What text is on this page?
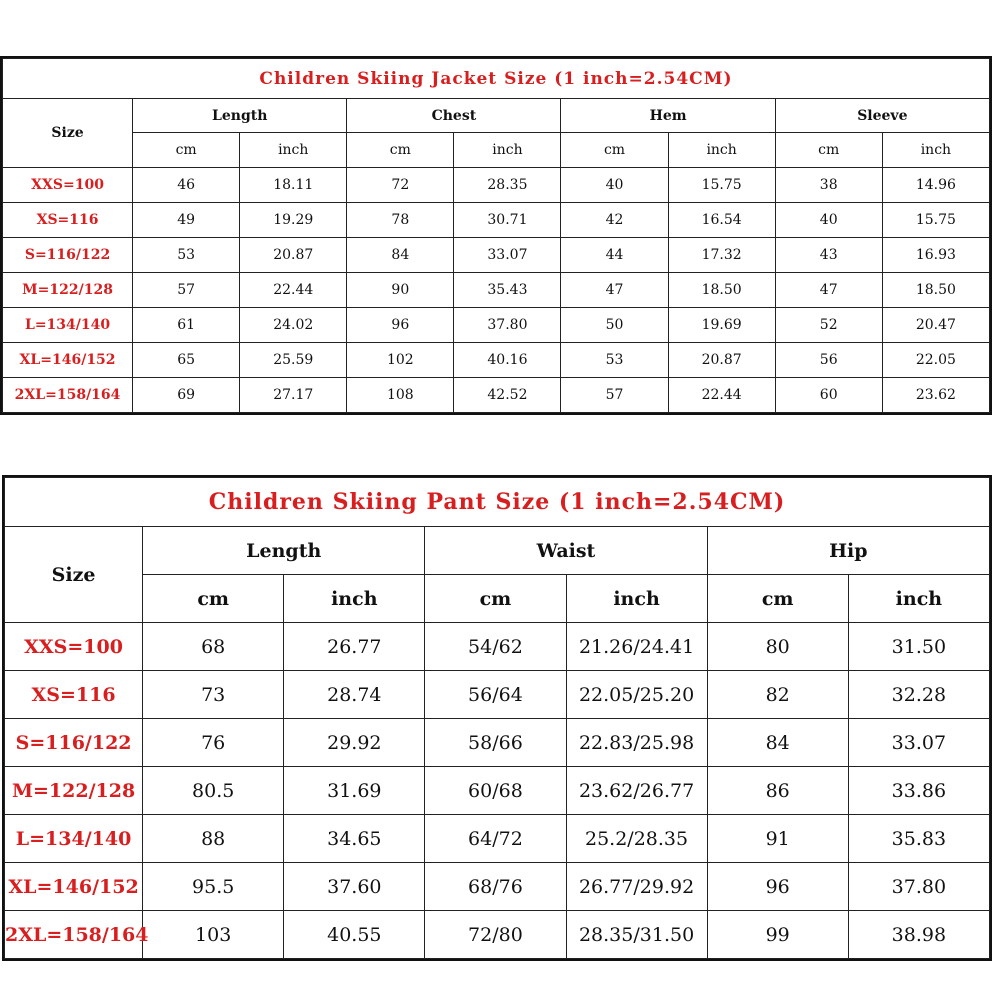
Children Skiing Jacket Size (1 inch=2.54CM)								
Size	Length		Chest		Hem		Sleeve	
	cm	inch	cm	inch	cm	inch	cm	inch
XXS=100	46	18.11	72	28.35	40	15.75	38	14.96
XS=116	49	19.29	78	30.71	42	16.54	40	15.75
S=116/122	53	20.87	84	33.07	44	17.32	43	16.93
M=122/128	57	22.44	90	35.43	47	18.50	47	18.50
L=134/140	61	24.02	96	37.80	50	19.69	52	20.47
XL=146/152	65	25.59	102	40.16	53	20.87	56	22.05
2XL=158/164	69	27.17	108	42.52	57	22.44	60	23.62
Children Skiing Pant Size (1 inch=2.54CM)						
Size	Length		Waist		Hip	
	cm	inch	cm	inch	cm	inch
XXS=100	68	26.77	54/62	21.26/24.41	80	31.50
XS=116	73	28.74	56/64	22.05/25.20	82	32.28
S=116/122	76	29.92	58/66	22.83/25.98	84	33.07
M=122/128	80.5	31.69	60/68	23.62/26.77	86	33.86
L=134/140	88	34.65	64/72	25.2/28.35	91	35.83
XL=146/152	95.5	37.60	68/76	26.77/29.92	96	37.80
2XL=158/164	103	40.55	72/80	28.35/31.50	99	38.98
